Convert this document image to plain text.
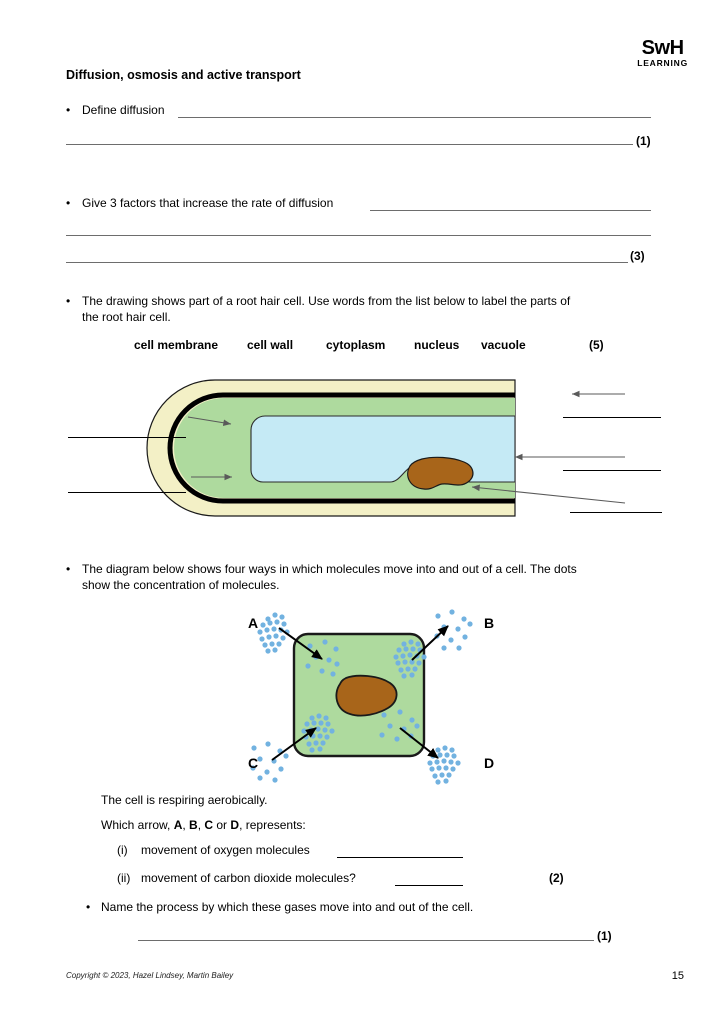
SwH
LEARNING
Diffusion, osmosis and active transport
• Define diffusion
(1)
• Give 3 factors that increase the rate of diffusion
(3)
• The drawing shows part of a root hair cell. Use words from the list below to label the parts of
the root hair cell.
cell membrane cell wall	cytoplasm nucleus vacuole	(5)
• The diagram below shows four ways in which molecules move into and out of a cell. The dots
show the concentration of molecules.
A	B
C	D
The cell is respiring aerobically.
Which arrow, A, B, C or D, represents:
(i) movement of oxygen molecules
(ii) movement of carbon dioxide molecules?	(2)
• Name the process by which these gases move into and out of the cell.
(1)
Copyright © 2023, Hazel Lindsey, Martin Bailey	15
